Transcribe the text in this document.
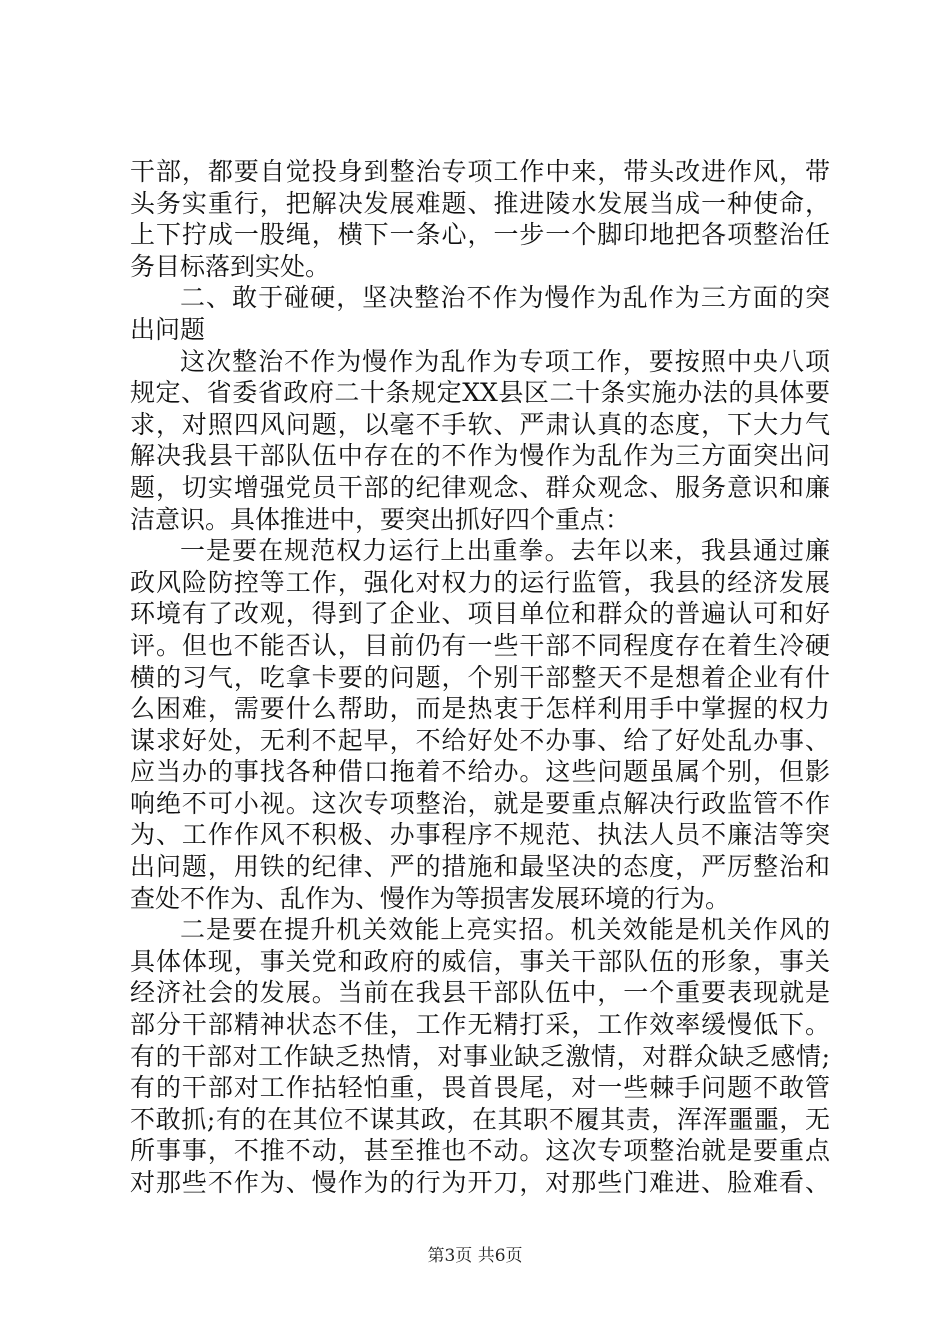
干部，都要自觉投身到整治专项工作中来，带头改进作风，带
头务实重行，把解决发展难题、推进陵水发展当成一种使命，
上下拧成一股绳，横下一条心，一步一个脚印地把各项整治任
务目标落到实处。
二、敢于碰硬，坚决整治不作为慢作为乱作为三方面的突
出问题
这次整治不作为慢作为乱作为专项工作，要按照中央八项
规定、省委省政府二十条规定XX县区二十条实施办法的具体要
求，对照四风问题，以毫不手软、严肃认真的态度，下大力气
解决我县干部队伍中存在的不作为慢作为乱作为三方面突出问
题，切实增强党员干部的纪律观念、群众观念、服务意识和廉
洁意识。具体推进中，要突出抓好四个重点：
一是要在规范权力运行上出重拳。去年以来，我县通过廉
政风险防控等工作，强化对权力的运行监管，我县的经济发展
环境有了改观，得到了企业、项目单位和群众的普遍认可和好
评。但也不能否认，目前仍有一些干部不同程度存在着生冷硬
横的习气，吃拿卡要的问题，个别干部整天不是想着企业有什
么困难，需要什么帮助，而是热衷于怎样利用手中掌握的权力
谋求好处，无利不起早，不给好处不办事、给了好处乱办事、
应当办的事找各种借口拖着不给办。这些问题虽属个别，但影
响绝不可小视。这次专项整治，就是要重点解决行政监管不作
为、工作作风不积极、办事程序不规范、执法人员不廉洁等突
出问题，用铁的纪律、严的措施和最坚决的态度，严厉整治和
查处不作为、乱作为、慢作为等损害发展环境的行为。
二是要在提升机关效能上亮实招。机关效能是机关作风的
具体体现，事关党和政府的威信，事关干部队伍的形象，事关
经济社会的发展。当前在我县干部队伍中，一个重要表现就是
部分干部精神状态不佳，工作无精打采，工作效率缓慢低下。
有的干部对工作缺乏热情，对事业缺乏激情，对群众缺乏感情;
有的干部对工作拈轻怕重，畏首畏尾，对一些棘手问题不敢管
不敢抓;有的在其位不谋其政，在其职不履其责，浑浑噩噩，无
所事事，不推不动，甚至推也不动。这次专项整治就是要重点
对那些不作为、慢作为的行为开刀，对那些门难进、脸难看、
第3页 共6页
